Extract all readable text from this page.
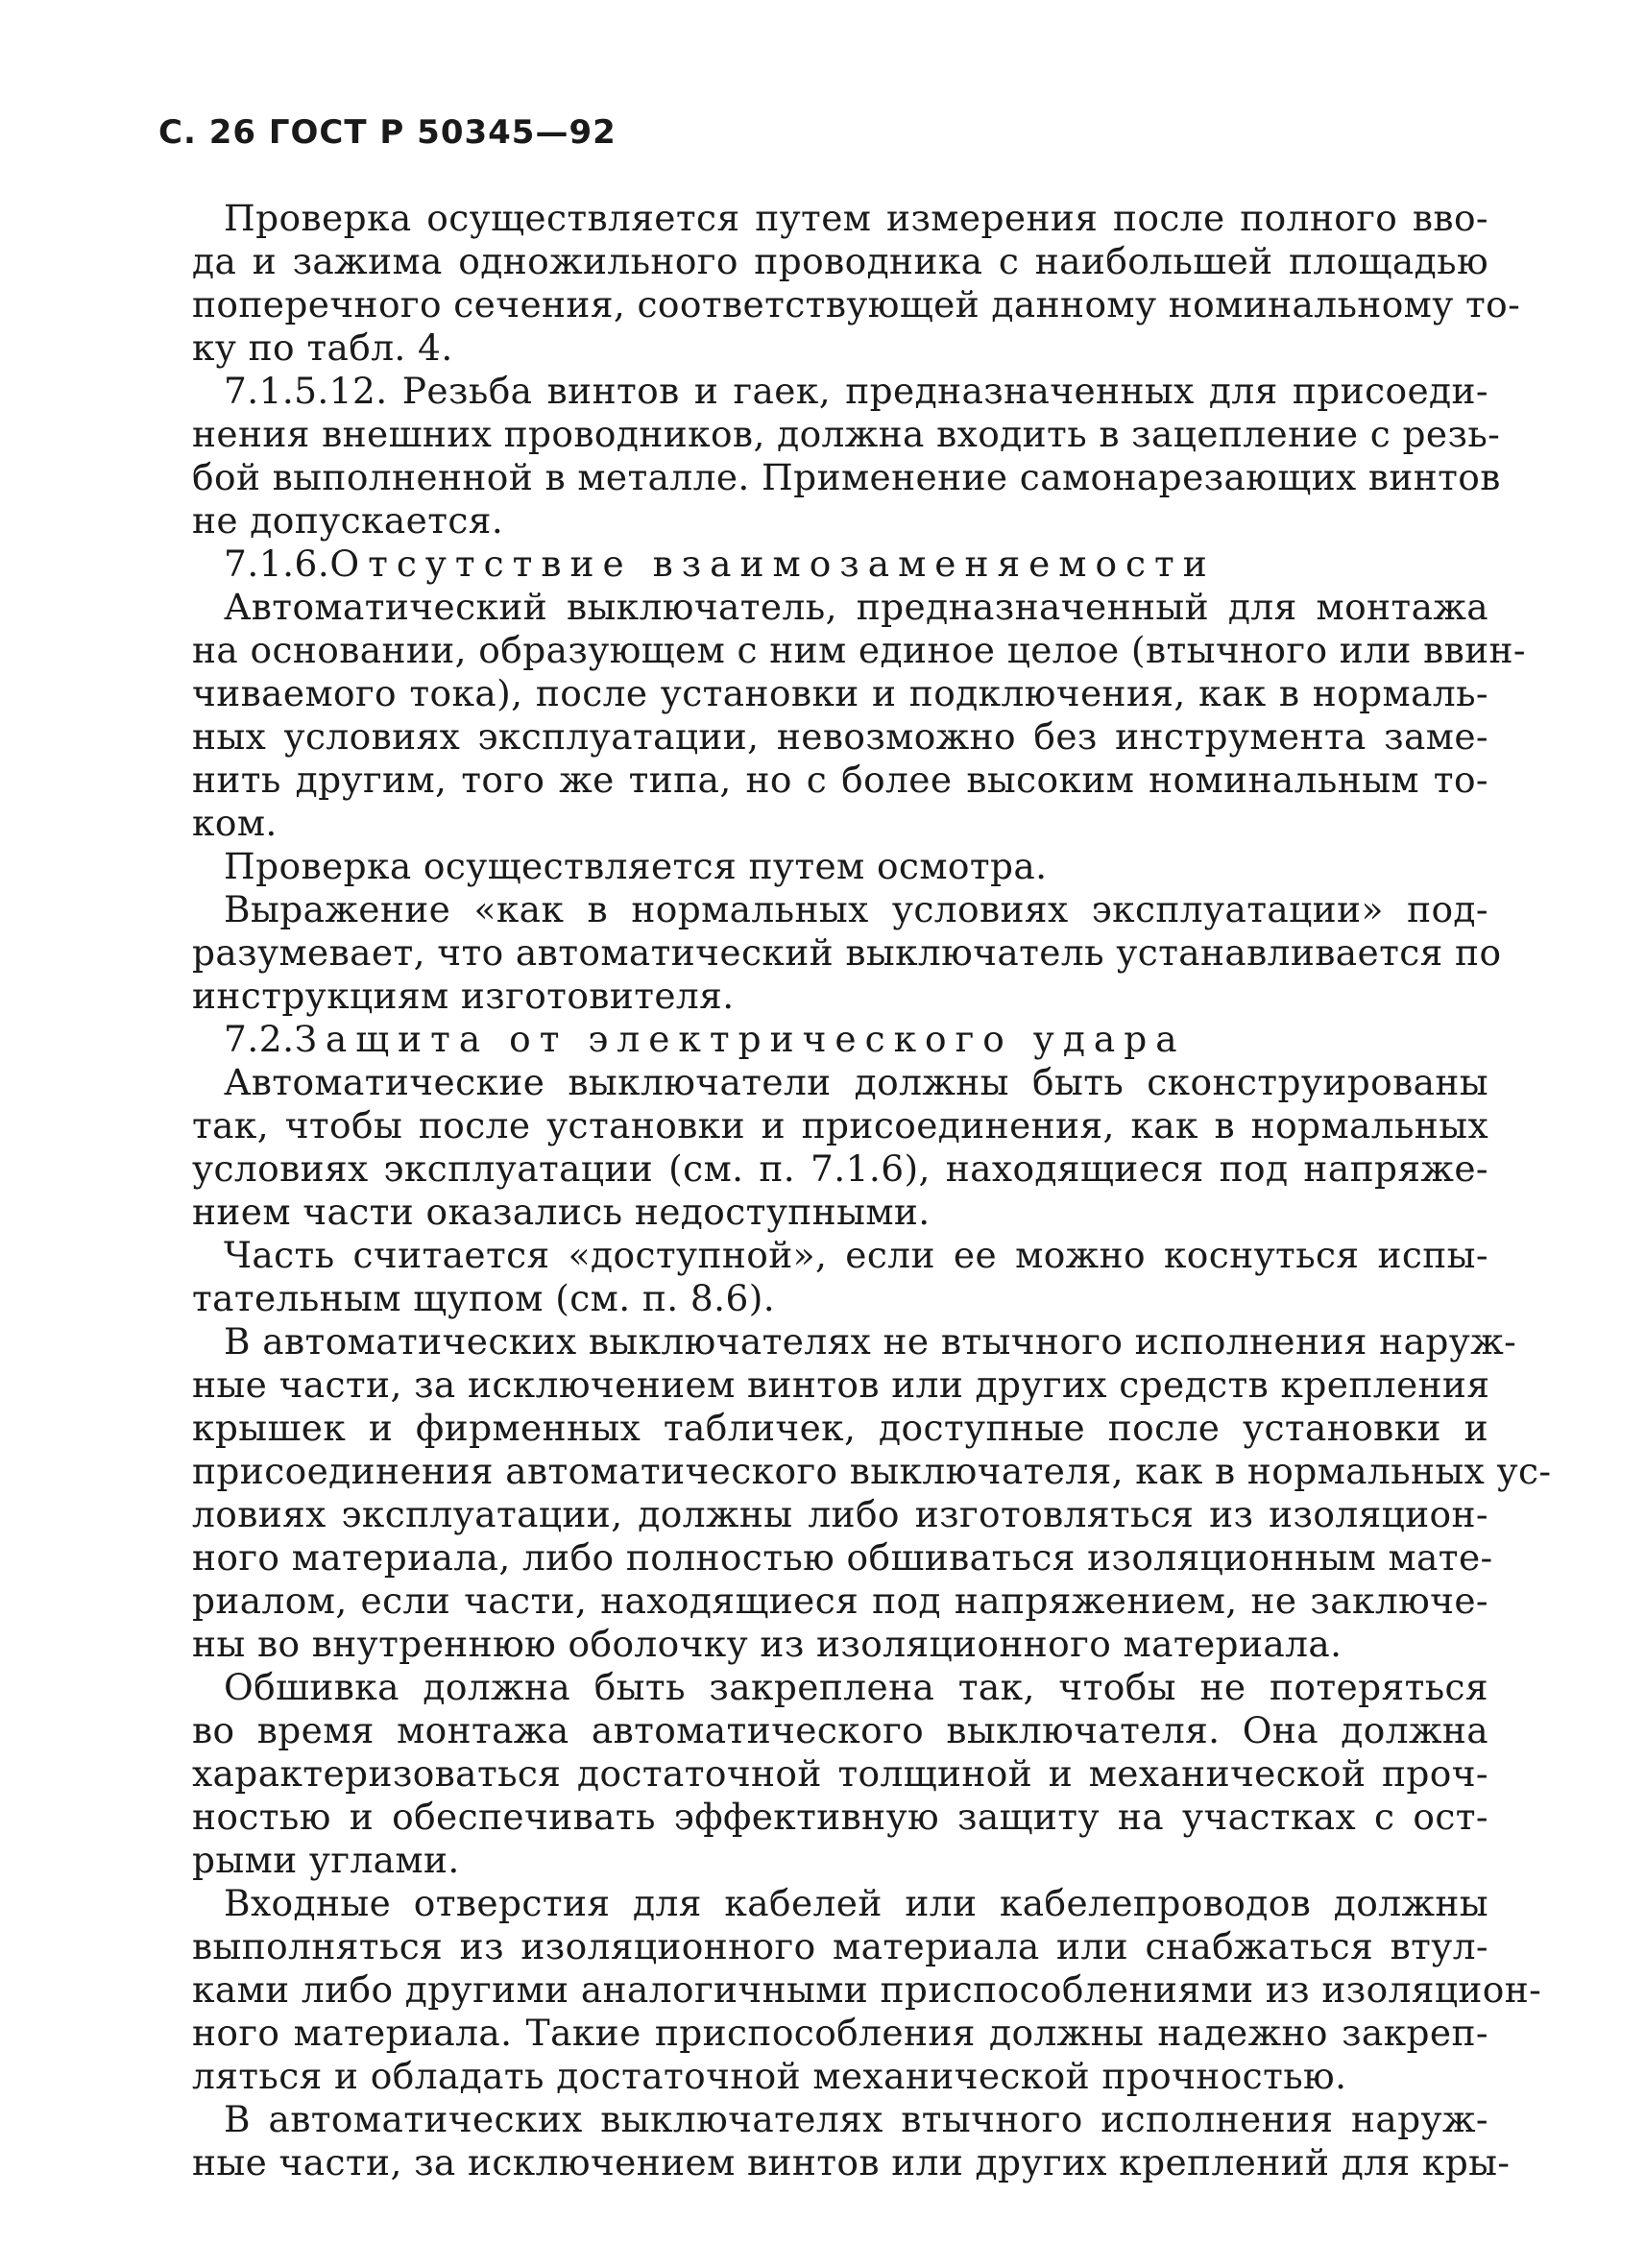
С. 26 ГОСТ Р 50345—92
Проверка осуществляется путем измерения после полного вво-
да и зажима одножильного проводника с наибольшей площадью
поперечного сечения, соответствующей данному номинальному то-
ку по табл. 4.
7.1.5.12. Резьба винтов и гаек, предназначенных для присоеди-
нения внешних проводников, должна входить в зацепление с резь-
бой выполненной в металле. Применение самонарезающих винтов
не допускается.
7.1.6.Отсутствие взаимозаменяемости
Автоматический выключатель, предназначенный для монтажа
на основании, образующем с ним единое целое (втычного или ввин-
чиваемого тока), после установки и подключения, как в нормаль-
ных условиях эксплуатации, невозможно без инструмента заме-
нить другим, того же типа, но с более высоким номинальным то-
ком.
Проверка осуществляется путем осмотра.
Выражение «как в нормальных условиях эксплуатации» под-
разумевает, что автоматический выключатель устанавливается по
инструкциям изготовителя.
7.2.Защита от электрического удара
Автоматические выключатели должны быть сконструированы
так, чтобы после установки и присоединения, как в нормальных
условиях эксплуатации (см. п. 7.1.6), находящиеся под напряже-
нием части оказались недоступными.
Часть считается «доступной», если ее можно коснуться испы-
тательным щупом (см. п. 8.6).
В автоматических выключателях не втычного исполнения наруж-
ные части, за исключением винтов или других средств крепления
крышек и фирменных табличек, доступные после установки и
присоединения автоматического выключателя, как в нормальных ус-
ловиях эксплуатации, должны либо изготовляться из изоляцион-
ного материала, либо полностью обшиваться изоляционным мате-
риалом, если части, находящиеся под напряжением, не заключе-
ны во внутреннюю оболочку из изоляционного материала.
Обшивка должна быть закреплена так, чтобы не потеряться
во время монтажа автоматического выключателя. Она должна
характеризоваться достаточной толщиной и механической проч-
ностью и обеспечивать эффективную защиту на участках с ост-
рыми углами.
Входные отверстия для кабелей или кабелепроводов должны
выполняться из изоляционного материала или снабжаться втул-
ками либо другими аналогичными приспособлениями из изоляцион-
ного материала. Такие приспособления должны надежно закреп-
ляться и обладать достаточной механической прочностью.
В автоматических выключателях втычного исполнения наруж-
ные части, за исключением винтов или других креплений для кры-
